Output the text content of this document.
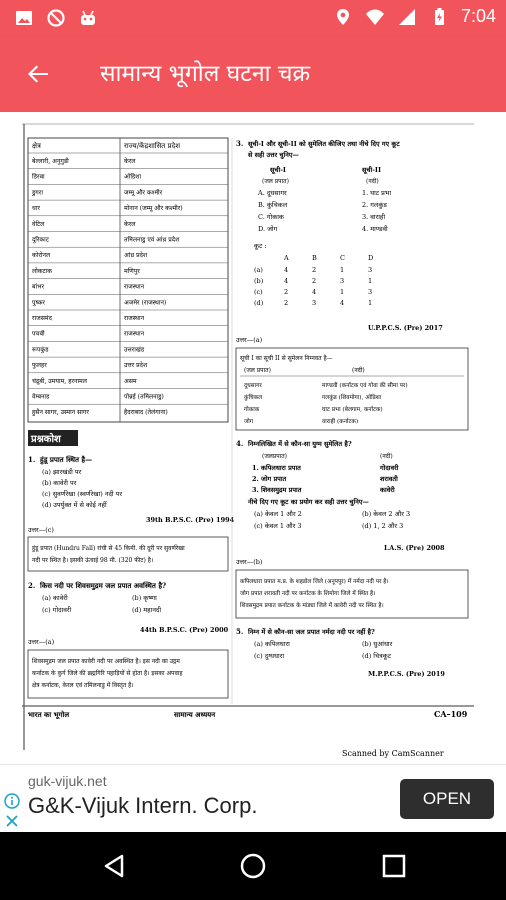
7:04
सामान्य भूगोल घटना चक्र
क्षेत्र	राज्य/केंद्रशासित प्रदेश
बेल्लारी, अनुगुडी	केरल
डिरबा	ओडिशा
डुगरा	जम्मू और कश्मीर
धार	मोनान (जम्मू और कश्मीर)
वेटिल	केरल
दुरिकाट	तमिलनाडु एवं आंध्र प्रदेश
कोरोनल	आंध्र प्रदेश
लोकटाक	मणिपुर
बांभर	राजस्थान
पुष्कर	अजमेर (राजस्थान)
राजसमंद	राजस्थान
पचबी	राजस्थान
रूपकुंड	उत्तराखंड
फुलहर	उत्तर प्रदेश
चंद्रुबी, उमयाम, हरनामल	असम
वेम्बनाड	पोन्नई (तमिलनाडु)
हुसैन सागर, उस्मान सागर	हैदराबाद (तेलंगाना)
प्रश्नकोश
1. हुंडू प्रपात स्थित है—
(a) झारखंडी पर
(b) कावेरी पर
(c) सुवर्णरेखा (स्वर्णरेखा) नदी पर
(d) उपर्युक्त में से कोई नहीं
39th B.P.S.C. (Pre) 1994
उत्तर—(c)
हुंडू प्रपात (Hundru Fall) रांची से 45 किमी. की दूरी पर सुवर्णरेखा
नदी पर स्थित है। इसकी ऊंचाई 98 मी. (320 फीट) है।
2. किस नदी पर शिवसमुद्रम जल प्रपात अवस्थित है?
(a) कावेरी	(b) कृष्णा
(c) गोदावरी	(d) महानदी
44th B.P.S.C. (Pre) 2000
उत्तर—(a)
शिवसमुद्रम जल प्रपात कावेरी नदी पर अवस्थित है। इस नदी का उद्गम
कर्नाटक के कुर्ग जिले की ब्रह्मगिरि पहाड़ियों से होता है। इसका अपवाह
क्षेत्र कर्नाटक, केरल एवं तमिलनाडु में विस्तृत है।
3. सूची-I और सूची-II को सुमेलित कीजिए तथा नीचे दिए गए कूट
से सही उत्तर चुनिए—
सूची-I	सूची-II
(जल प्रपात)	(नदी)
A. दूधसागर	1. घाट प्रभा
B. कुंचिकल	2. गलकुंड
C. गोकाक	3. वाराही
D. जोग	4. माण्डवी
कूट :
A	B	C	D
(a)	4	2	1	3
(b)	4	2	3	1
(c)	2	4	1	3
(d)	2	3	4	1
U.P.P.C.S. (Pre) 2017
उत्तर—(a)
सूची I का सूची II से सुमेलन निम्नवत है—
(जल प्रपात)	(नदी)
दूधसागर	माण्डवी (कर्नाटक एवं गोवा की सीमा पर)
कुंचिकल	गलकुंड (शिवमोगा), ओडिशा
गोकाक	घाट प्रभा (बेलगाम, कर्नाटक)
जोग	वाराही (कर्नाटक)
4. निम्नलिखित में से कौन-सा युग्म सुमेलित है?
(जलप्रपात)	(नदी)
1. कपिलधारा प्रपात	गोदावरी
2. जोग प्रपात	शरावती
3. शिवसमुद्रम प्रपात	कावेरी
नीचे दिए गए कूट का प्रयोग कर सही उत्तर चुनिए—
(a) केवल 1 और 2	(b) केवल 2 और 3
(c) केवल 1 और 3	(d) 1, 2 और 3
I.A.S. (Pre) 2008
उत्तर—(b)
कपिलधारा प्रपात म.प्र. के शहडोल जिले (अनूपपुर) में नर्मदा नदी पर है।
जोग प्रपात शरावती नदी पर कर्नाटक के शिमोगा जिले में स्थित है।
शिवसमुद्रम प्रपात कर्नाटक के मांड्या जिले में कावेरी नदी पर स्थित है।
5. निम्न में से कौन-सा जल प्रपात नर्मदा नदी पर नहीं है?
(a) कपिलधारा	(b) धुआंधार
(c) दुग्धधारा	(d) चित्रकूट
M.P.P.C.S. (Pre) 2019
भारत का भूगोल	सामान्य अध्ययन	CA–109
Scanned by CamScanner
guk-vijuk.net
G&K-Vijuk Intern. Corp.	OPEN
